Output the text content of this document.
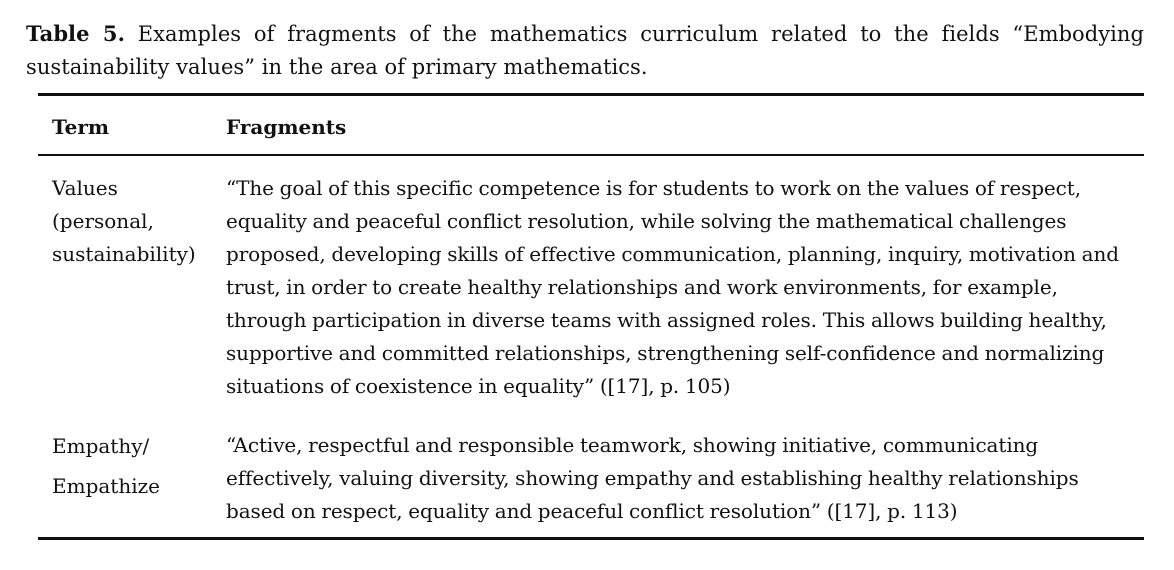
Table 5. Examples of fragments of the mathematics curriculum related to the fields “Embodying sustainability values” in the area of primary mathematics.
Term	Fragments
Values
(personal,
sustainability)
“The goal of this specific competence is for students to work on the values of respect, equality and peaceful conflict resolution, while solving the mathematical challenges proposed, developing skills of effective communication, planning, inquiry, motivation and trust, in order to create healthy relationships and work environments, for example, through participation in diverse teams with assigned roles. This allows building healthy, supportive and committed relationships, strengthening self-confidence and normalizing situations of coexistence in equality” ([17], p. 105)
Empathy/
Empathize
“Active, respectful and responsible teamwork, showing initiative, communicating effectively, valuing diversity, showing empathy and establishing healthy relationships based on respect, equality and peaceful conflict resolution” ([17], p. 113)
